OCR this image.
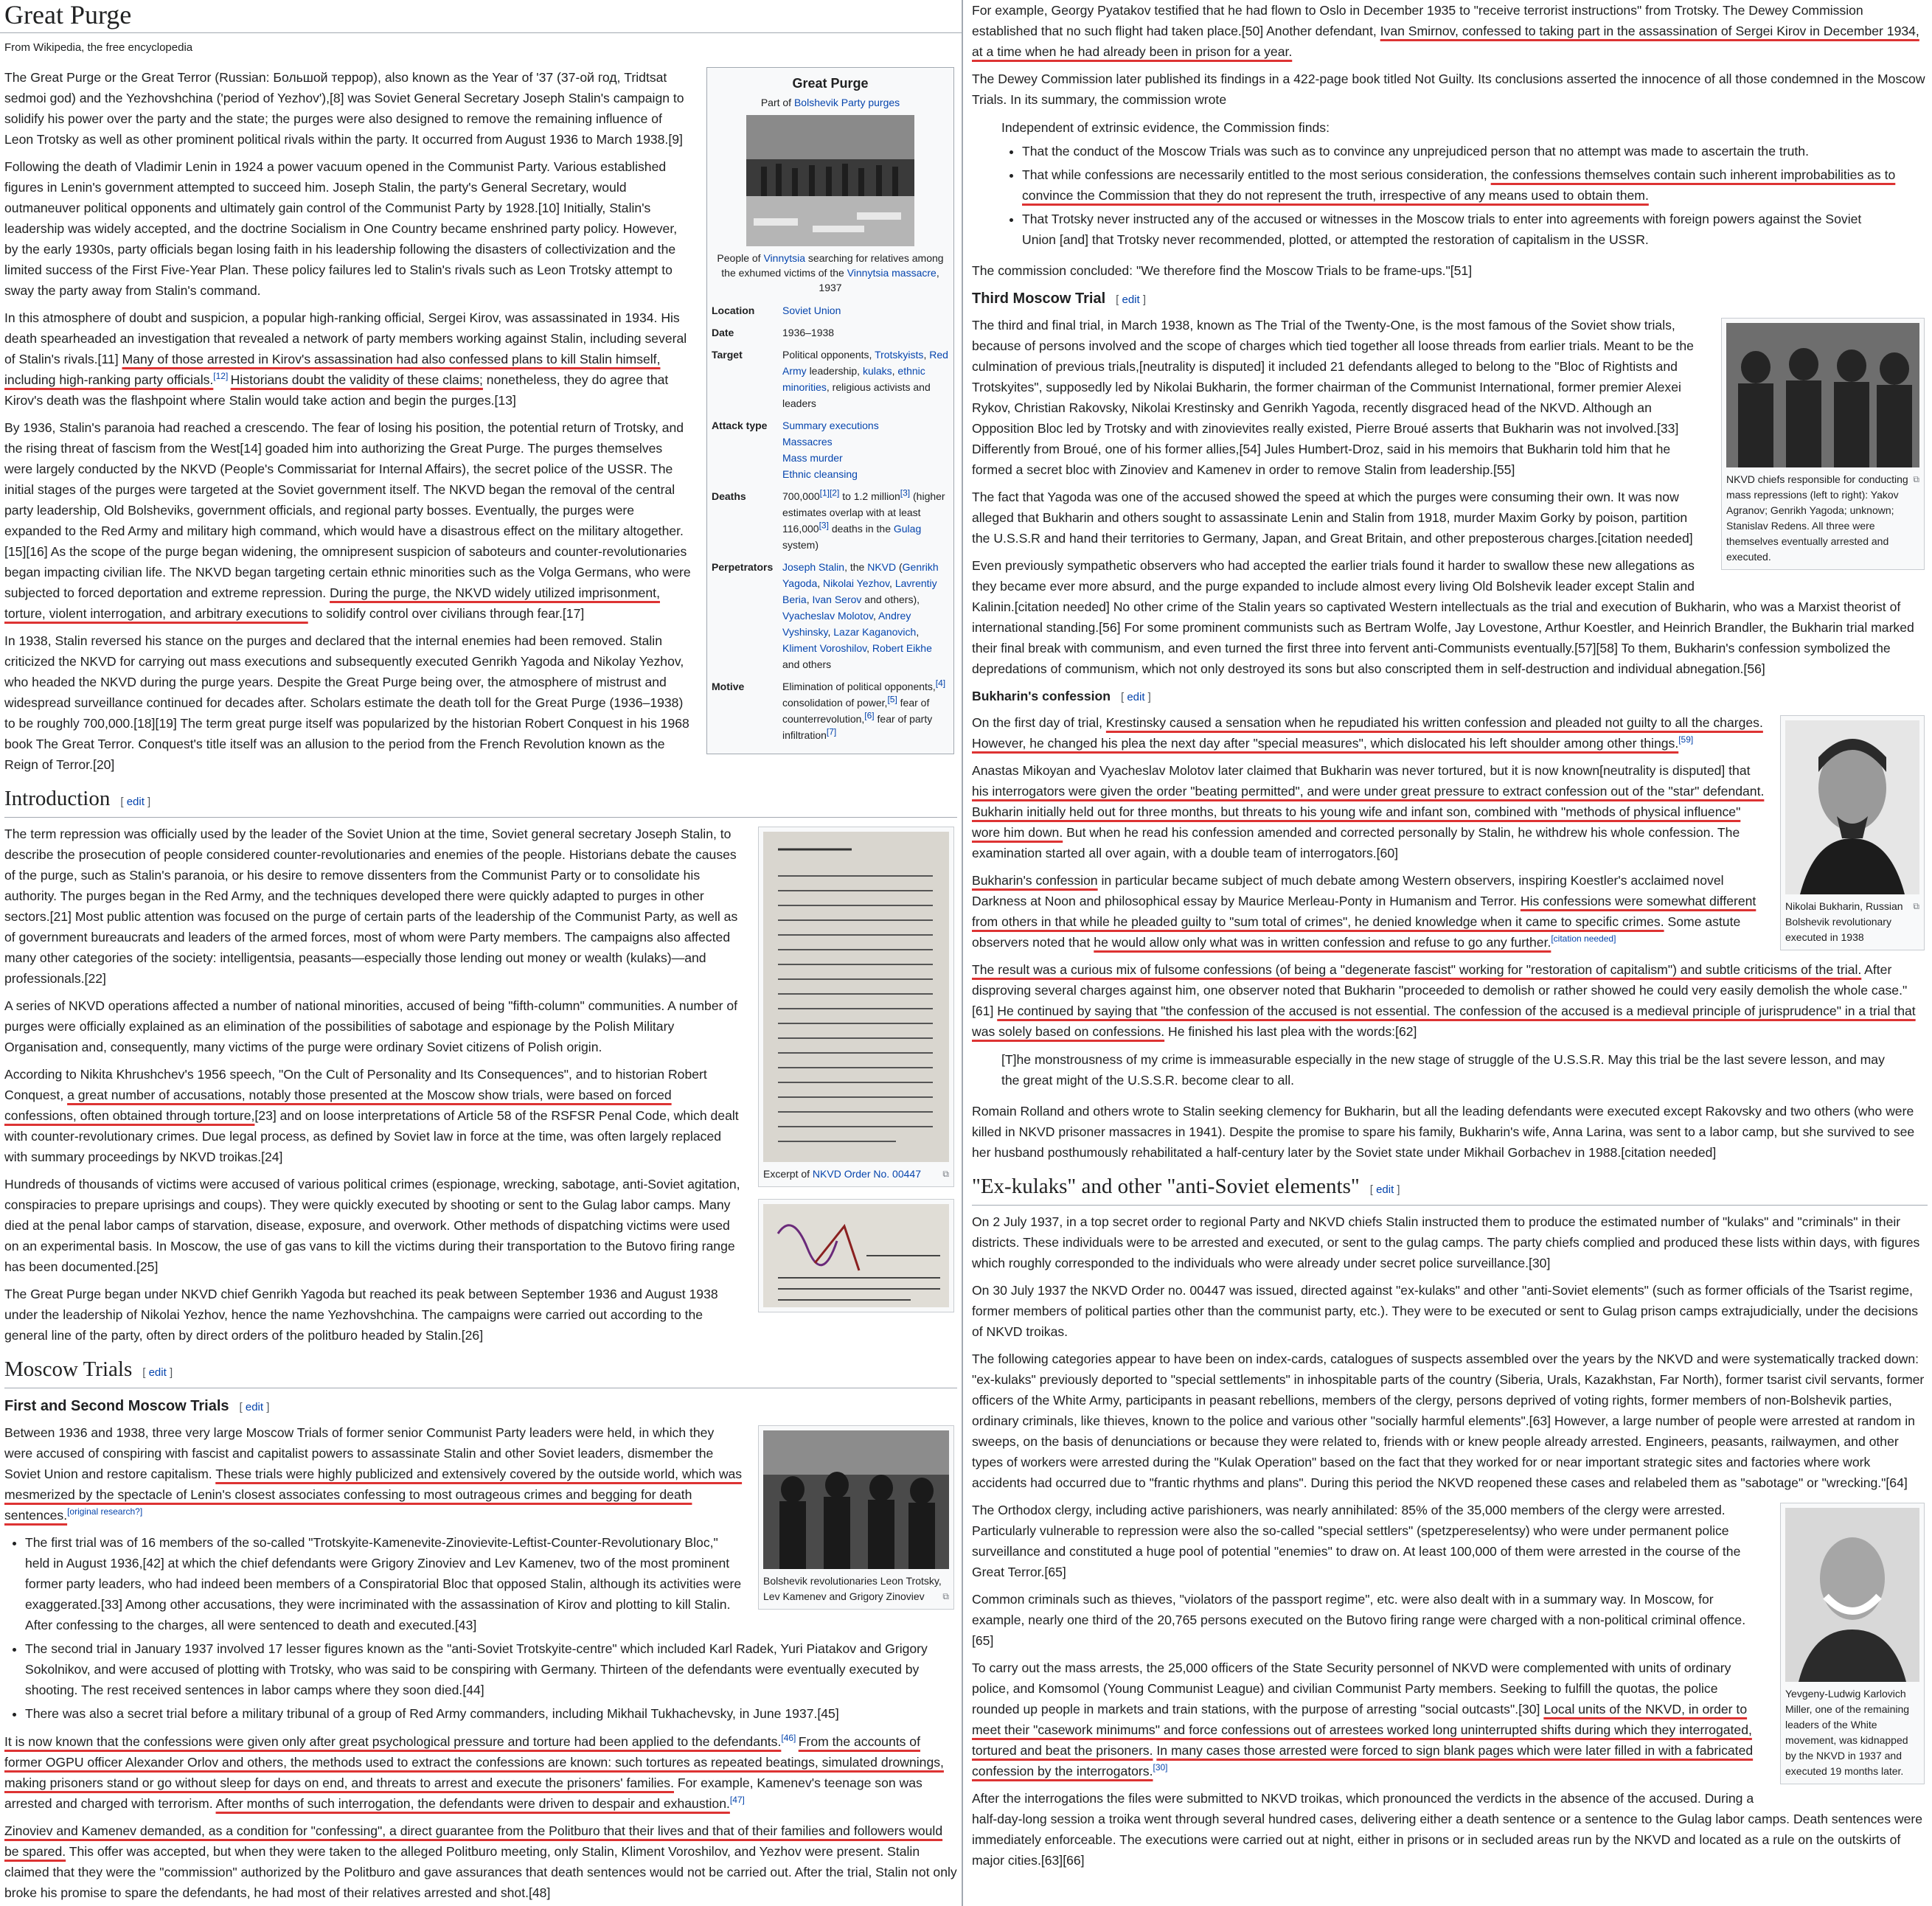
Great Purge
From Wikipedia, the free encyclopedia
Great Purge
Part of Bolshevik Party purges
People of Vinnytsia searching for relatives among the exhumed victims of the Vinnytsia massacre, 1937
Location	Soviet Union
Date	1936–1938
Target	Political opponents, Trotskyists, Red Army leadership, kulaks, ethnic minorities, religious activists and leaders
Attack type	Summary executions
Massacres
Mass murder
Ethnic cleansing
Deaths	700,000[1][2] to 1.2 million[3] (higher estimates overlap with at least 116,000[3] deaths in the Gulag system)
Perpetrators Joseph Stalin, the NKVD (Genrikh Yagoda, Nikolai Yezhov, Lavrentiy Beria, Ivan Serov and others), Vyacheslav Molotov, Andrey Vyshinsky, Lazar Kaganovich, Kliment Voroshilov, Robert Eikhe and others
Motive	Elimination of political opponents,[4] consolidation of power,[5] fear of counterrevolution,[6] fear of party infiltration[7]

The Great Purge or the Great Terror (Russian: Большой террор), also known as the Year of '37 (37-ой год, Tridtsat sedmoi god) and the Yezhovshchina ('period of Yezhov'),[8] was Soviet General Secretary Joseph Stalin's campaign to solidify his power over the party and the state; the purges were also designed to remove the remaining influence of Leon Trotsky as well as other prominent political rivals within the party. It occurred from August 1936 to March 1938.[9]

Following the death of Vladimir Lenin in 1924 a power vacuum opened in the Communist Party. Various established figures in Lenin's government attempted to succeed him. Joseph Stalin, the party's General Secretary, would outmaneuver political opponents and ultimately gain control of the Communist Party by 1928.[10] Initially, Stalin's leadership was widely accepted, and the doctrine Socialism in One Country became enshrined party policy. However, by the early 1930s, party officials began losing faith in his leadership following the disasters of collectivization and the limited success of the First Five-Year Plan. These policy failures led to Stalin's rivals such as Leon Trotsky attempt to sway the party away from Stalin's command.

In this atmosphere of doubt and suspicion, a popular high-ranking official, Sergei Kirov, was assassinated in 1934. His death spearheaded an investigation that revealed a network of party members working against Stalin, including several of Stalin's rivals.[11] Many of those arrested in Kirov's assassination had also confessed plans to kill Stalin himself, including high-ranking party officials.[12] Historians doubt the validity of these claims; nonetheless, they do agree that Kirov's death was the flashpoint where Stalin would take action and begin the purges.[13]

By 1936, Stalin's paranoia had reached a crescendo. The fear of losing his position, the potential return of Trotsky, and the rising threat of fascism from the West[14] goaded him into authorizing the Great Purge. The purges themselves were largely conducted by the NKVD (People's Commissariat for Internal Affairs), the secret police of the USSR. The initial stages of the purges were targeted at the Soviet government itself. The NKVD began the removal of the central party leadership, Old Bolsheviks, government officials, and regional party bosses. Eventually, the purges were expanded to the Red Army and military high command, which would have a disastrous effect on the military altogether.[15][16] As the scope of the purge began widening, the omnipresent suspicion of saboteurs and counter-revolutionaries began impacting civilian life. The NKVD began targeting certain ethnic minorities such as the Volga Germans, who were subjected to forced deportation and extreme repression. During the purge, the NKVD widely utilized imprisonment, torture, violent interrogation, and arbitrary executions to solidify control over civilians through fear.[17]

In 1938, Stalin reversed his stance on the purges and declared that the internal enemies had been removed. Stalin criticized the NKVD for carrying out mass executions and subsequently executed Genrikh Yagoda and Nikolay Yezhov, who headed the NKVD during the purge years. Despite the Great Purge being over, the atmosphere of mistrust and widespread surveillance continued for decades after. Scholars estimate the death toll for the Great Purge (1936–1938) to be roughly 700,000.[18][19] The term great purge itself was popularized by the historian Robert Conquest in his 1968 book The Great Terror. Conquest's title itself was an allusion to the period from the French Revolution known as the Reign of Terror.[20]

Introduction [ edit ]
Excerpt of NKVD Order No. 00447 ⧉

The term repression was officially used by the leader of the Soviet Union at the time, Soviet general secretary Joseph Stalin, to describe the prosecution of people considered counter-revolutionaries and enemies of the people. Historians debate the causes of the purge, such as Stalin's paranoia, or his desire to remove dissenters from the Communist Party or to consolidate his authority. The purges began in the Red Army, and the techniques developed there were quickly adapted to purges in other sectors.[21] Most public attention was focused on the purge of certain parts of the leadership of the Communist Party, as well as of government bureaucrats and leaders of the armed forces, most of whom were Party members. The campaigns also affected many other categories of the society: intelligentsia, peasants—especially those lending out money or wealth (kulaks)—and professionals.[22]

A series of NKVD operations affected a number of national minorities, accused of being "fifth-column" communities. A number of purges were officially explained as an elimination of the possibilities of sabotage and espionage by the Polish Military Organisation and, consequently, many victims of the purge were ordinary Soviet citizens of Polish origin.

According to Nikita Khrushchev's 1956 speech, "On the Cult of Personality and Its Consequences", and to historian Robert Conquest, a great number of accusations, notably those presented at the Moscow show trials, were based on forced confessions, often obtained through torture,[23] and on loose interpretations of Article 58 of the RSFSR Penal Code, which dealt with counter-revolutionary crimes. Due legal process, as defined by Soviet law in force at the time, was often largely replaced with summary proceedings by NKVD troikas.[24]

Hundreds of thousands of victims were accused of various political crimes (espionage, wrecking, sabotage, anti-Soviet agitation, conspiracies to prepare uprisings and coups). They were quickly executed by shooting or sent to the Gulag labor camps. Many died at the penal labor camps of starvation, disease, exposure, and overwork. Other methods of dispatching victims were used on an experimental basis. In Moscow, the use of gas vans to kill the victims during their transportation to the Butovo firing range has been documented.[25]

The Great Purge began under NKVD chief Genrikh Yagoda but reached its peak between September 1936 and August 1938 under the leadership of Nikolai Yezhov, hence the name Yezhovshchina. The campaigns were carried out according to the general line of the party, often by direct orders of the politburo headed by Stalin.[26]

Moscow Trials [ edit ]
First and Second Moscow Trials [ edit ]
Bolshevik revolutionaries Leon Trotsky, Lev Kamenev and Grigory Zinoviev	⧉

Between 1936 and 1938, three very large Moscow Trials of former senior Communist Party leaders were held, in which they were accused of conspiring with fascist and capitalist powers to assassinate Stalin and other Soviet leaders, dismember the Soviet Union and restore capitalism. These trials were highly publicized and extensively covered by the outside world, which was mesmerized by the spectacle of Lenin's closest associates confessing to most outrageous crimes and begging for death sentences.[original research?]

• The first trial was of 16 members of the so-called "Trotskyite-Kamenevite-Zinovievite-Leftist-Counter-Revolutionary Bloc," held in August 1936,[42] at which the chief defendants were Grigory Zinoviev and Lev Kamenev, two of the most prominent former party leaders, who had indeed been members of a Conspiratorial Bloc that opposed Stalin, although its activities were exaggerated.[33] Among other accusations, they were incriminated with the assassination of Kirov and plotting to kill Stalin. After confessing to the charges, all were sentenced to death and executed.[43]
• The second trial in January 1937 involved 17 lesser figures known as the "anti-Soviet Trotskyite-centre" which included Karl Radek, Yuri Piatakov and Grigory Sokolnikov, and were accused of plotting with Trotsky, who was said to be conspiring with Germany. Thirteen of the defendants were eventually executed by shooting. The rest received sentences in labor camps where they soon died.[44]
• There was also a secret trial before a military tribunal of a group of Red Army commanders, including Mikhail Tukhachevsky, in June 1937.[45]

It is now known that the confessions were given only after great psychological pressure and torture had been applied to the defendants.[46] From the accounts of former OGPU officer Alexander Orlov and others, the methods used to extract the confessions are known: such tortures as repeated beatings, simulated drownings, making prisoners stand or go without sleep for days on end, and threats to arrest and execute the prisoners' families. For example, Kamenev's teenage son was arrested and charged with terrorism. After months of such interrogation, the defendants were driven to despair and exhaustion.[47]

Zinoviev and Kamenev demanded, as a condition for "confessing", a direct guarantee from the Politburo that their lives and that of their families and followers would be spared. This offer was accepted, but when they were taken to the alleged Politburo meeting, only Stalin, Kliment Voroshilov, and Yezhov were present. Stalin claimed that they were the "commission" authorized by the Politburo and gave assurances that death sentences would not be carried out. After the trial, Stalin not only broke his promise to spare the defendants, he had most of their relatives arrested and shot.[48]

For example, Georgy Pyatakov testified that he had flown to Oslo in December 1935 to "receive terrorist instructions" from Trotsky. The Dewey Commission established that no such flight had taken place.[50] Another defendant, Ivan Smirnov, confessed to taking part in the assassination of Sergei Kirov in December 1934, at a time when he had already been in prison for a year.

The Dewey Commission later published its findings in a 422-page book titled Not Guilty. Its conclusions asserted the innocence of all those condemned in the Moscow Trials. In its summary, the commission wrote

Independent of extrinsic evidence, the Commission finds:
• That the conduct of the Moscow Trials was such as to convince any unprejudiced person that no attempt was made to ascertain the truth.
• That while confessions are necessarily entitled to the most serious consideration, the confessions themselves contain such inherent improbabilities as to convince the Commission that they do not represent the truth, irrespective of any means used to obtain them.
• That Trotsky never instructed any of the accused or witnesses in the Moscow trials to enter into agreements with foreign powers against the Soviet Union [and] that Trotsky never recommended, plotted, or attempted the restoration of capitalism in the USSR.

The commission concluded: "We therefore find the Moscow Trials to be frame-ups."[51]

Third Moscow Trial [ edit ]
NKVD chiefs responsible for conducting mass repressions (left to right): Yakov Agranov; Genrikh Yagoda; unknown; Stanislav Redens. All three were themselves eventually arrested and executed.
⧉

The third and final trial, in March 1938, known as The Trial of the Twenty-One, is the most famous of the Soviet show trials, because of persons involved and the scope of charges which tied together all loose threads from earlier trials. Meant to be the culmination of previous trials,[neutrality is disputed] it included 21 defendants alleged to belong to the "Bloc of Rightists and Trotskyites", supposedly led by Nikolai Bukharin, the former chairman of the Communist International, former premier Alexei Rykov, Christian Rakovsky, Nikolai Krestinsky and Genrikh Yagoda, recently disgraced head of the NKVD. Although an Opposition Bloc led by Trotsky and with zinovievites really existed, Pierre Broué asserts that Bukharin was not involved.[33] Differently from Broué, one of his former allies,[54] Jules Humbert-Droz, said in his memoirs that Bukharin told him that he formed a secret bloc with Zinoviev and Kamenev in order to remove Stalin from leadership.[55]

The fact that Yagoda was one of the accused showed the speed at which the purges were consuming their own. It was now alleged that Bukharin and others sought to assassinate Lenin and Stalin from 1918, murder Maxim Gorky by poison, partition the U.S.S.R and hand their territories to Germany, Japan, and Great Britain, and other preposterous charges.[citation needed]

Even previously sympathetic observers who had accepted the earlier trials found it harder to swallow these new allegations as they became ever more absurd, and the purge expanded to include almost every living Old Bolshevik leader except Stalin and Kalinin.[citation needed] No other crime of the Stalin years so captivated Western intellectuals as the trial and execution of Bukharin, who was a Marxist theorist of international standing.[56] For some prominent communists such as Bertram Wolfe, Jay Lovestone, Arthur Koestler, and Heinrich Brandler, the Bukharin trial marked their final break with communism, and even turned the first three into fervent anti-Communists eventually.[57][58] To them, Bukharin's confession symbolized the depredations of communism, which not only destroyed its sons but also conscripted them in self-destruction and individual abnegation.[56]

Bukharin's confession [ edit ]
Nikolai Bukharin, Russian Bolshevik revolutionary executed in 1938
⧉

On the first day of trial, Krestinsky caused a sensation when he repudiated his written confession and pleaded not guilty to all the charges. However, he changed his plea the next day after "special measures", which dislocated his left shoulder among other things.[59]

Anastas Mikoyan and Vyacheslav Molotov later claimed that Bukharin was never tortured, but it is now known[neutrality is disputed] that his interrogators were given the order "beating permitted", and were under great pressure to extract confession out of the "star" defendant. Bukharin initially held out for three months, but threats to his young wife and infant son, combined with "methods of physical influence" wore him down. But when he read his confession amended and corrected personally by Stalin, he withdrew his whole confession. The examination started all over again, with a double team of interrogators.[60]

Bukharin's confession in particular became subject of much debate among Western observers, inspiring Koestler's acclaimed novel Darkness at Noon and philosophical essay by Maurice Merleau-Ponty in Humanism and Terror. His confessions were somewhat different from others in that while he pleaded guilty to "sum total of crimes", he denied knowledge when it came to specific crimes. Some astute observers noted that he would allow only what was in written confession and refuse to go any further.[citation needed]

The result was a curious mix of fulsome confessions (of being a "degenerate fascist" working for "restoration of capitalism") and subtle criticisms of the trial. After disproving several charges against him, one observer noted that Bukharin "proceeded to demolish or rather showed he could very easily demolish the whole case."[61] He continued by saying that "the confession of the accused is not essential. The confession of the accused is a medieval principle of jurisprudence" in a trial that was solely based on confessions. He finished his last plea with the words:[62]

[T]he monstrousness of my crime is immeasurable especially in the new stage of struggle of the U.S.S.R. May this trial be the last severe lesson, and may the great might of the U.S.S.R. become clear to all.

Romain Rolland and others wrote to Stalin seeking clemency for Bukharin, but all the leading defendants were executed except Rakovsky and two others (who were killed in NKVD prisoner massacres in 1941). Despite the promise to spare his family, Bukharin's wife, Anna Larina, was sent to a labor camp, but she survived to see her husband posthumously rehabilitated a half-century later by the Soviet state under Mikhail Gorbachev in 1988.[citation needed]

"Ex-kulaks" and other "anti-Soviet elements" [ edit ]

On 2 July 1937, in a top secret order to regional Party and NKVD chiefs Stalin instructed them to produce the estimated number of "kulaks" and "criminals" in their districts. These individuals were to be arrested and executed, or sent to the gulag camps. The party chiefs complied and produced these lists within days, with figures which roughly corresponded to the individuals who were already under secret police surveillance.[30]

On 30 July 1937 the NKVD Order no. 00447 was issued, directed against "ex-kulaks" and other "anti-Soviet elements" (such as former officials of the Tsarist regime, former members of political parties other than the communist party, etc.). They were to be executed or sent to Gulag prison camps extrajudicially, under the decisions of NKVD troikas.

The following categories appear to have been on index-cards, catalogues of suspects assembled over the years by the NKVD and were systematically tracked down: "ex-kulaks" previously deported to "special settlements" in inhospitable parts of the country (Siberia, Urals, Kazakhstan, Far North), former tsarist civil servants, former officers of the White Army, participants in peasant rebellions, members of the clergy, persons deprived of voting rights, former members of non-Bolshevik parties, ordinary criminals, like thieves, known to the police and various other "socially harmful elements".[63] However, a large number of people were arrested at random in sweeps, on the basis of denunciations or because they were related to, friends with or knew people already arrested. Engineers, peasants, railwaymen, and other types of workers were arrested during the "Kulak Operation" based on the fact that they worked for or near important strategic sites and factories where work accidents had occurred due to "frantic rhythms and plans". During this period the NKVD reopened these cases and relabeled them as "sabotage" or "wrecking."[64]

Yevgeny-Ludwig Karlovich Miller, one of the remaining leaders of the White movement, was kidnapped by the NKVD in 1937 and executed 19 months later.

The Orthodox clergy, including active parishioners, was nearly annihilated: 85% of the 35,000 members of the clergy were arrested. Particularly vulnerable to repression were also the so-called "special settlers" (spetzpereselentsy) who were under permanent police surveillance and constituted a huge pool of potential "enemies" to draw on. At least 100,000 of them were arrested in the course of the Great Terror.[65]

Common criminals such as thieves, "violators of the passport regime", etc. were also dealt with in a summary way. In Moscow, for example, nearly one third of the 20,765 persons executed on the Butovo firing range were charged with a non-political criminal offence.[65]

To carry out the mass arrests, the 25,000 officers of the State Security personnel of NKVD were complemented with units of ordinary police, and Komsomol (Young Communist League) and civilian Communist Party members. Seeking to fulfill the quotas, the police rounded up people in markets and train stations, with the purpose of arresting "social outcasts".[30] Local units of the NKVD, in order to meet their "casework minimums" and force confessions out of arrestees worked long uninterrupted shifts during which they interrogated, tortured and beat the prisoners. In many cases those arrested were forced to sign blank pages which were later filled in with a fabricated confession by the interrogators.[30]

After the interrogations the files were submitted to NKVD troikas, which pronounced the verdicts in the absence of the accused. During a half-day-long session a troika went through several hundred cases, delivering either a death sentence or a sentence to the Gulag labor camps. Death sentences were immediately enforceable. The executions were carried out at night, either in prisons or in secluded areas run by the NKVD and located as a rule on the outskirts of major cities.[63][66]
